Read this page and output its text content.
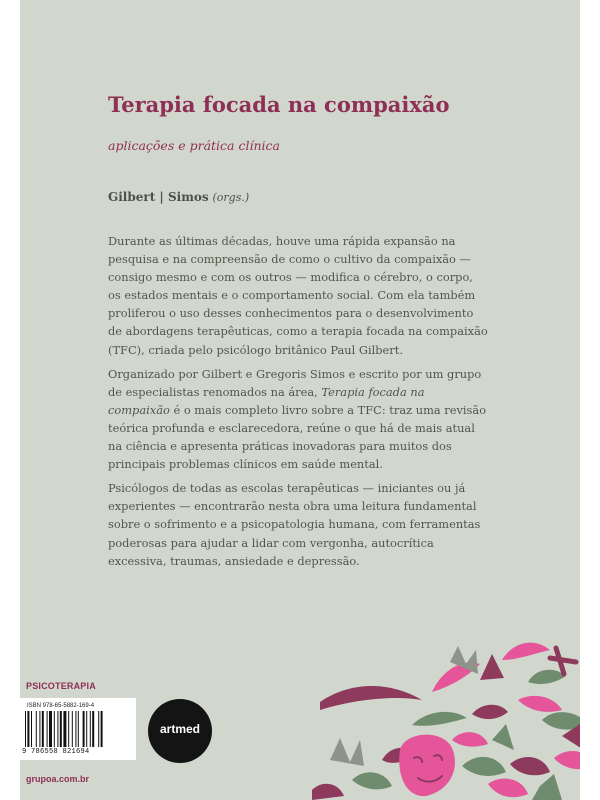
Terapia focada na compaixão
aplicações e prática clínica
Gilbert | Simos (orgs.)

Durante as últimas décadas, houve uma rápida expansão na pesquisa e na compreensão de como o cultivo da compaixão — consigo mesmo e com os outros — modifica o cérebro, o corpo, os estados mentais e o comportamento social. Com ela também proliferou o uso desses conhecimentos para o desenvolvimento de abordagens terapêuticas, como a terapia focada na compaixão (TFC), criada pelo psicólogo britânico Paul Gilbert.

Organizado por Gilbert e Gregoris Simos e escrito por um grupo de especialistas renomados na área, Terapia focada na compaixão é o mais completo livro sobre a TFC: traz uma revisão teórica profunda e esclarecedora, reúne o que há de mais atual na ciência e apresenta práticas inovadoras para muitos dos principais problemas clínicos em saúde mental.

Psicólogos de todas as escolas terapêuticas — iniciantes ou já experientes — encontrarão nesta obra uma leitura fundamental sobre o sofrimento e a psicopatologia humana, com ferramentas poderosas para ajudar a lidar com vergonha, autocrítica excessiva, traumas, ansiedade e depressão.

PSICOTERAPIA
grupoa.com.br
ISBN 978-65-5882-169-4
9 786558 821694
artmed
